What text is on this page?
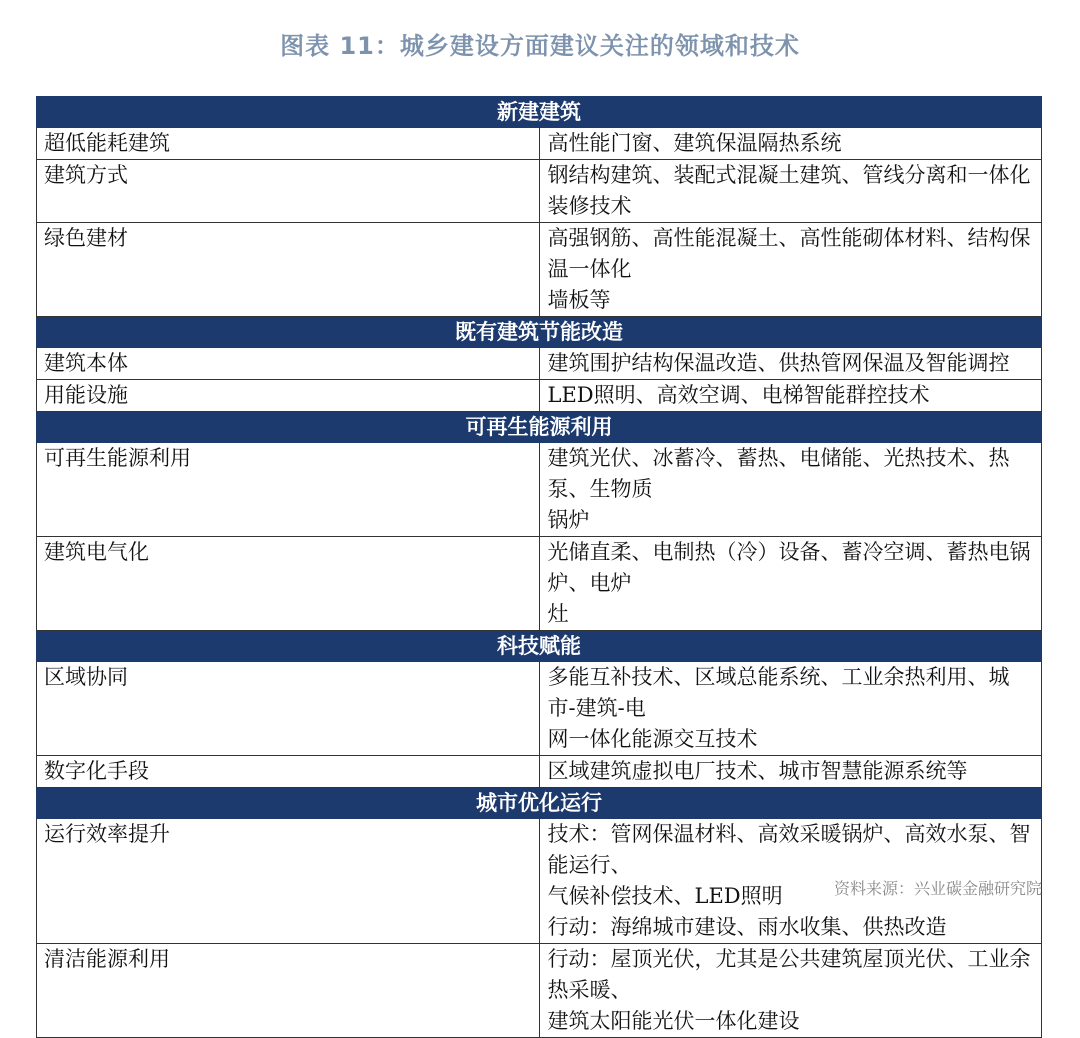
图表 11：城乡建设方面建议关注的领域和技术
新建建筑	
超低能耗建筑	高性能门窗、建筑保温隔热系统

建筑方式	钢结构建筑、装配式混凝土建筑、管线分离和一体化装修技术

绿色建材	高强钢筋、高性能混凝土、高性能砌体材料、结构保温一体化
墙板等

既有建筑节能改造	
建筑本体	建筑围护结构保温改造、供热管网保温及智能调控

用能设施	LED照明、高效空调、电梯智能群控技术

可再生能源利用	
可再生能源利用	建筑光伏、冰蓄冷、蓄热、电储能、光热技术、热泵、生物质
锅炉

建筑电气化	光储直柔、电制热（冷）设备、蓄冷空调、蓄热电锅炉、电炉
灶

科技赋能	
区域协同	多能互补技术、区域总能系统、工业余热利用、城市-建筑-电
网一体化能源交互技术

数字化手段	区域建筑虚拟电厂技术、城市智慧能源系统等

城市优化运行	
运行效率提升	技术：管网保温材料、高效采暖锅炉、高效水泵、智能运行、
气候补偿技术、LED照明
行动：海绵城市建设、雨水收集、供热改造

清洁能源利用	行动：屋顶光伏，尤其是公共建筑屋顶光伏、工业余热采暖、
建筑太阳能光伏一体化建设
资料来源：兴业碳金融研究院
